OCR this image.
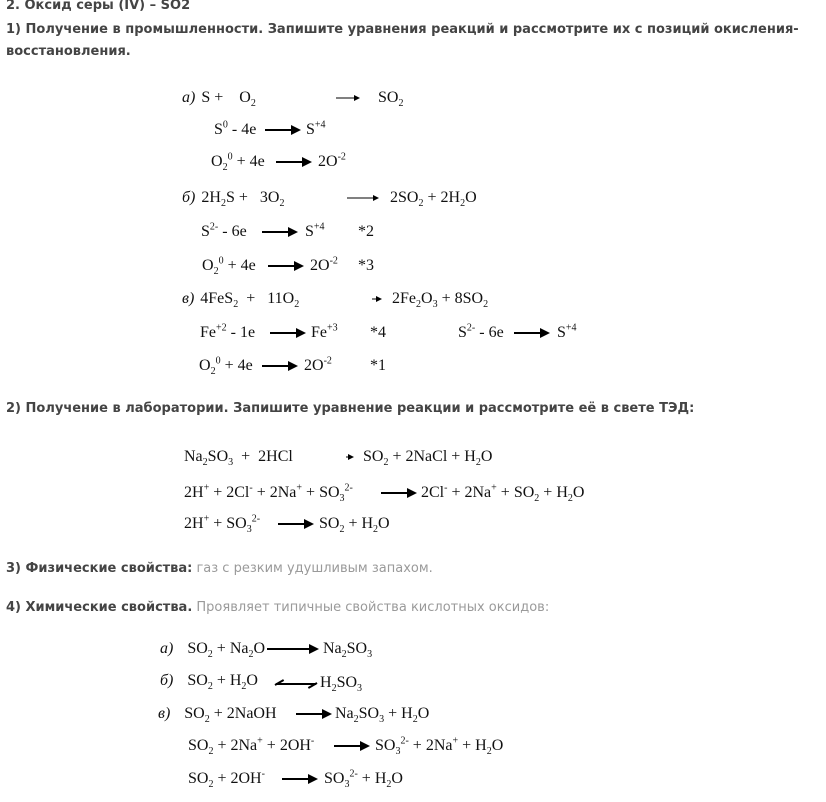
2. Оксид серы (IV) – SO2
1) Получение в промышленности. Запишите уравнения реакций и рассмотрите их с позиций окисления-
восстановления.
а) $S + O_2$	$SO_2$
$S^0 - 4e$	$S^{+4}$
$O_2^0 + 4e$	$2O^{-2}$
б) $2H_2S + 3O_2$	$2SO_2 + 2H_2O$
$S^{2-} - 6e$	$S^{+4}$ *2
$O_2^0 + 4e$	$2O^{-2}$ *3
в) $4FeS_2 + 11O_2$	$2Fe_2O_3 + 8SO_2$
$Fe^{+2} - 1e$	$Fe^{+3}$ *4	$S^{2-} - 6e$	$S^{+4}$
$O_2^0 + 4e$	$2O^{-2}$ *1
2) Получение в лаборатории. Запишите уравнение реакции и рассмотрите её в свете ТЭД:
$Na_2SO_3 + 2HCl$	$SO_2$ + 2NaCl + $H_2O$
$2H^+ + 2Cl^- + 2Na^+ + SO_3^{2-}$	$2Cl^- + 2Na^+ + SO_2 + H_2O$
$2H^+ + SO_3^{2-}$	$SO_2 + H_2O$
3) Физические свойства: газ с резким удушливым запахом.
4) Химические свойства. Проявляет типичные свойства кислотных оксидов:
а) $SO_2 + Na_2O$	$Na_2SO_3$
б) $SO_2 + H_2O$	$H_2SO_3$
в) $SO_2$ + 2NaOH	$Na_2SO_3 + H_2O$
$SO_2 + 2Na^+ + 2OH^-$	$SO_3^{2-} + 2Na^+ + H_2O$
$SO_2 + 2OH^-$	$SO_3^{2-} + H_2O$
